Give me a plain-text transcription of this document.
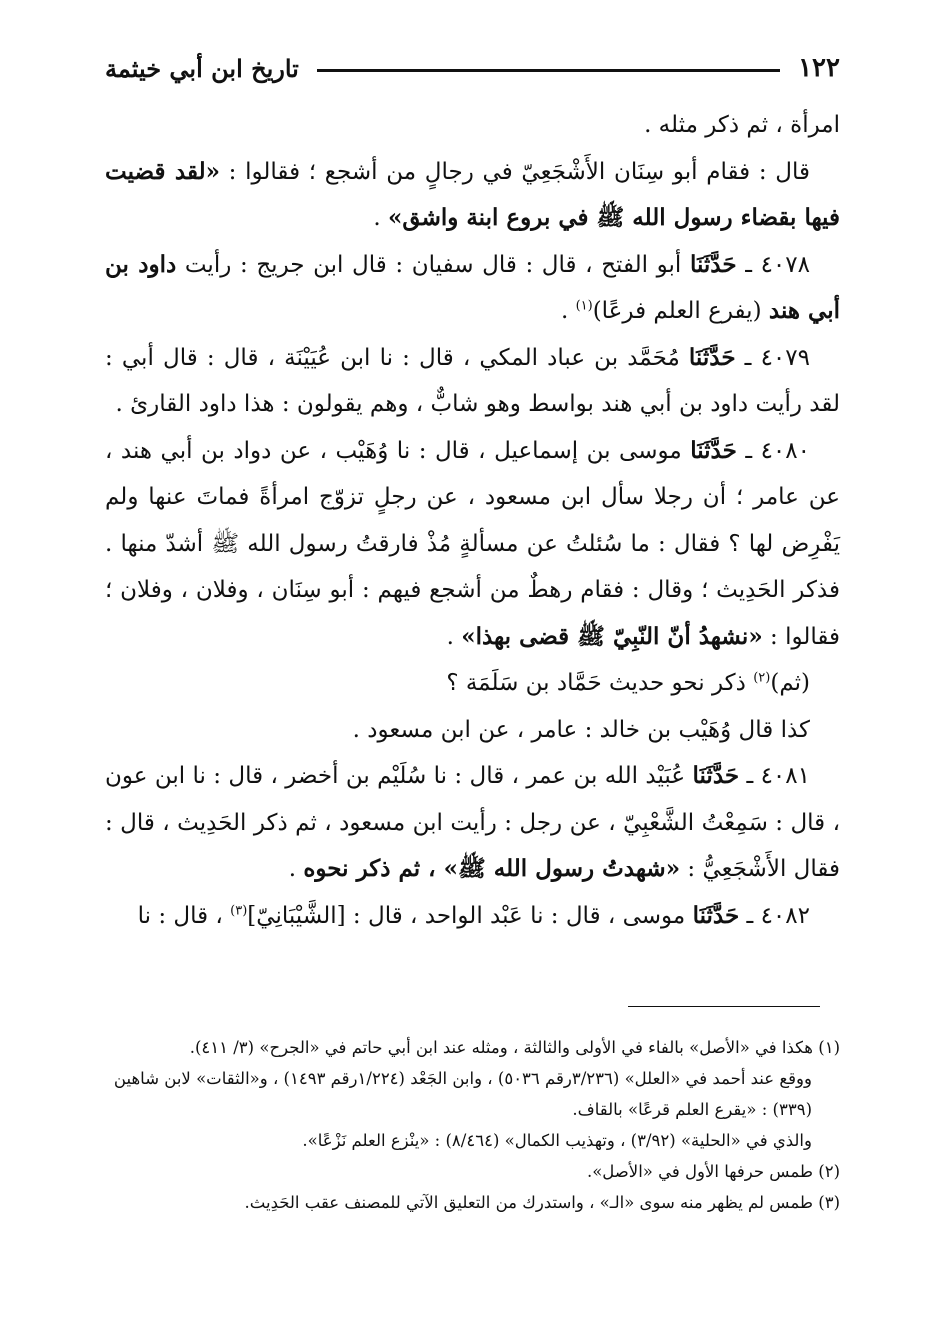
١٢٢
تاريخ ابن أبي خيثمة

امرأة ، ثم ذكر مثله .

قال : فقام أبو سِنَان الأَشْجَعِيّ في رجالٍ من أشجع ؛ فقالوا : «لقد قضيت فيها بقضاء رسول الله ﷺ في بروع ابنة واشق» .

٤٠٧٨ ـ حَدَّثَنَا أبو الفتح ، قال : قال سفيان : قال ابن جريج : رأيت داود بن أبي هند (يفرع العلم فرعًا)$^{(١)}$ .

٤٠٧٩ ـ حَدَّثَنَا مُحَمَّد بن عباد المكي ، قال : نا ابن عُيَيْنَة ، قال : قال أبي : لقد رأيت داود بن أبي هند بواسط وهو شابٌّ ، وهم يقولون : هذا داود القارئ .

٤٠٨٠ ـ حَدَّثَنَا موسى بن إسماعيل ، قال : نا وُهَيْب ، عن دواد بن أبي هند ، عن عامر ؛ أن رجلا سأل ابن مسعود ، عن رجلٍ تزوّج امرأةً فماتَ عنها ولم يَفْرِض لها ؟ فقال : ما سُئلتُ عن مسألةٍ مُذْ فارقتُ رسول الله ﷺ أشدّ منها . فذكر الحَدِيث ؛ وقال : فقام رهطٌ من أشجع فيهم : أبو سِنَان ، وفلان ، وفلان ؛ فقالوا : «نشهدُ أنّ النّبِيّ ﷺ قضى بهذا» .

(ثم)$^{(٢)}$ ذكر نحو حديث حَمَّاد بن سَلَمَة ؟

كذا قال وُهَيْب بن خالد : عامر ، عن ابن مسعود .

٤٠٨١ ـ حَدَّثَنَا عُبَيْد الله بن عمر ، قال : نا سُلَيْم بن أخضر ، قال : نا ابن عون ، قال : سَمِعْتُ الشَّعْبِيّ ، عن رجل : رأيت ابن مسعود ، ثم ذكر الحَدِيث ، قال : فقال الأَشْجَعِيُّ : «شهدتُ رسول الله ﷺ» ، ثم ذكر نحوه .

٤٠٨٢ ـ حَدَّثَنَا موسى ، قال : نا عَبْد الواحد ، قال : [الشَّيْبَانِيّ]$^{(٣)}$ ، قال : نا

(١) هكذا في «الأصل» بالفاء في الأولى والثالثة ، ومثله عند ابن أبي حاتم في «الجرح» (٣/ ٤١١).

ووقع عند أحمد في «العلل» (٣/٢٣٦رقم ٥٠٣٦) ، وابن الجَعْد (١/٢٢٤رقم ١٤٩٣) ، و«الثقات» لابن شاهين (٣٣٩) : «يقرع العلم قرعًا» بالقاف.

والذي في «الحلية» (٣/٩٢) ، وتهذيب الكمال» (٨/٤٦٤) : «ينْزع العلم نَزْعًا».

(٢) طمس حرفها الأول في «الأصل».

(٣) طمس لم يظهر منه سوى «الـ» ، واستدرك من التعليق الآتي للمصنف عقب الحَدِيث.
